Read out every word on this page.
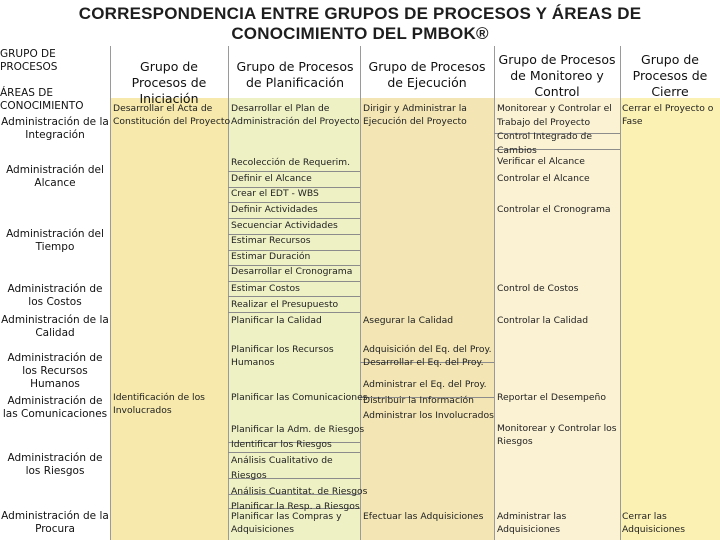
CORRESPONDENCIA ENTRE GRUPOS DE PROCESOS Y ÁREAS DE
CONOCIMIENTO DEL PMBOK®
GRUPO DE PROCESOS
ÁREAS DE
CONOCIMIENTO
Grupo de Procesos de Iniciación
Grupo de Procesos de Planificación
Grupo de Procesos de Ejecución
Grupo de Procesos de Monitoreo y Control
Grupo de Procesos de Cierre
Administración de la Integración
Administración del Alcance
Administración del Tiempo
Administración de los Costos
Administración de la Calidad
Administración de los Recursos Humanos
Administración de las Comunicaciones
Administración de los Riesgos
Administración de la Procura
Desarrollar el Acta de
Constitución del Proyecto
Desarrollar el Plan de
Administración del Proyecto
Dirigir y Administrar la
Ejecución del Proyecto
Monitorear y Controlar el
Trabajo del Proyecto
Control Integrado de
Cambios
Cerrar el Proyecto o
Fase
Recolección de Requerim.
Definir el Alcance
Crear el EDT - WBS
Verificar el Alcance
Controlar el Alcance
Definir Actividades
Secuenciar Actividades
Estimar Recursos
Estimar Duración
Desarrollar el Cronograma
Controlar el Cronograma
Estimar Costos
Realizar el Presupuesto
Control de Costos
Planificar la Calidad	Asegurar la Calidad	Controlar la Calidad
Planificar los Recursos
Humanos
Adquisición del Eq. del Proy.
Desarrollar el Eq. del Proy.
Identificación de los
Involucrados
Planificar las Comunicaciones
Administrar el Eq. del Proy.
Distribuir la Información
Administrar los Involucrados
Reportar el Desempeño
Planificar la Adm. de Riesgos
Identificar los Riesgos
Análisis Cualitativo de
Riesgos
Análisis Cuantitat. de Riesgos
Planificar la Resp. a Riesgos
Monitorear y Controlar los
Riesgos
Planificar las Compras y
Adquisiciones
Efectuar las Adquisiciones Administrar las
Adquisiciones
Cerrar las
Adquisiciones
